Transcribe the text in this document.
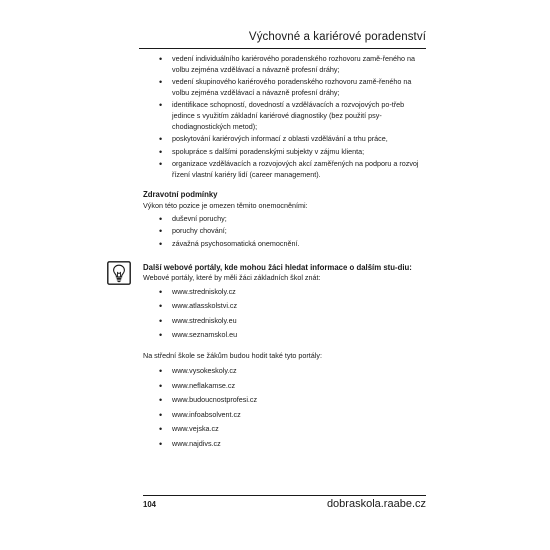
Výchovné a kariérové poradenství
• vedení individuálního kariérového poradenského rozhovoru zamě-řeného na volbu zejména vzdělávací a návazně profesní dráhy;
• vedení skupinového kariérového poradenského rozhovoru zamě-řeného na volbu zejména vzdělávací a návazně profesní dráhy;
• identifikace schopností, dovedností a vzdělávacích a rozvojových po-třeb jedince s využitím základní kariérové diagnostiky (bez použití psy-chodiagnostických metod);
• poskytování kariérových informací z oblasti vzdělávání a trhu práce,
• spolupráce s dalšími poradenskými subjekty v zájmu klienta;
• organizace vzdělávacích a rozvojových akcí zaměřených na podporu a rozvoj řízení vlastní kariéry lidí (career management).
Zdravotní podmínky
Výkon této pozice je omezen těmito onemocněními:
• duševní poruchy;
• poruchy chování;
• závažná psychosomatická onemocnění.
Další webové portály, kde mohou žáci hledat informace o dalším stu-diu:
Webové portály, které by měli žáci základních škol znát:
• www.stredniskoly.cz
• www.atlasskolstvi.cz
• www.stredniskoly.eu
• www.seznamskol.eu
Na střední škole se žákům budou hodit také tyto portály:
• www.vysokeskoly.cz
• www.neflakamse.cz
• www.budoucnostprofesi.cz
• www.infoabsolvent.cz
• www.vejska.cz
• www.najdivs.cz
104	dobraskola.raabe.cz
